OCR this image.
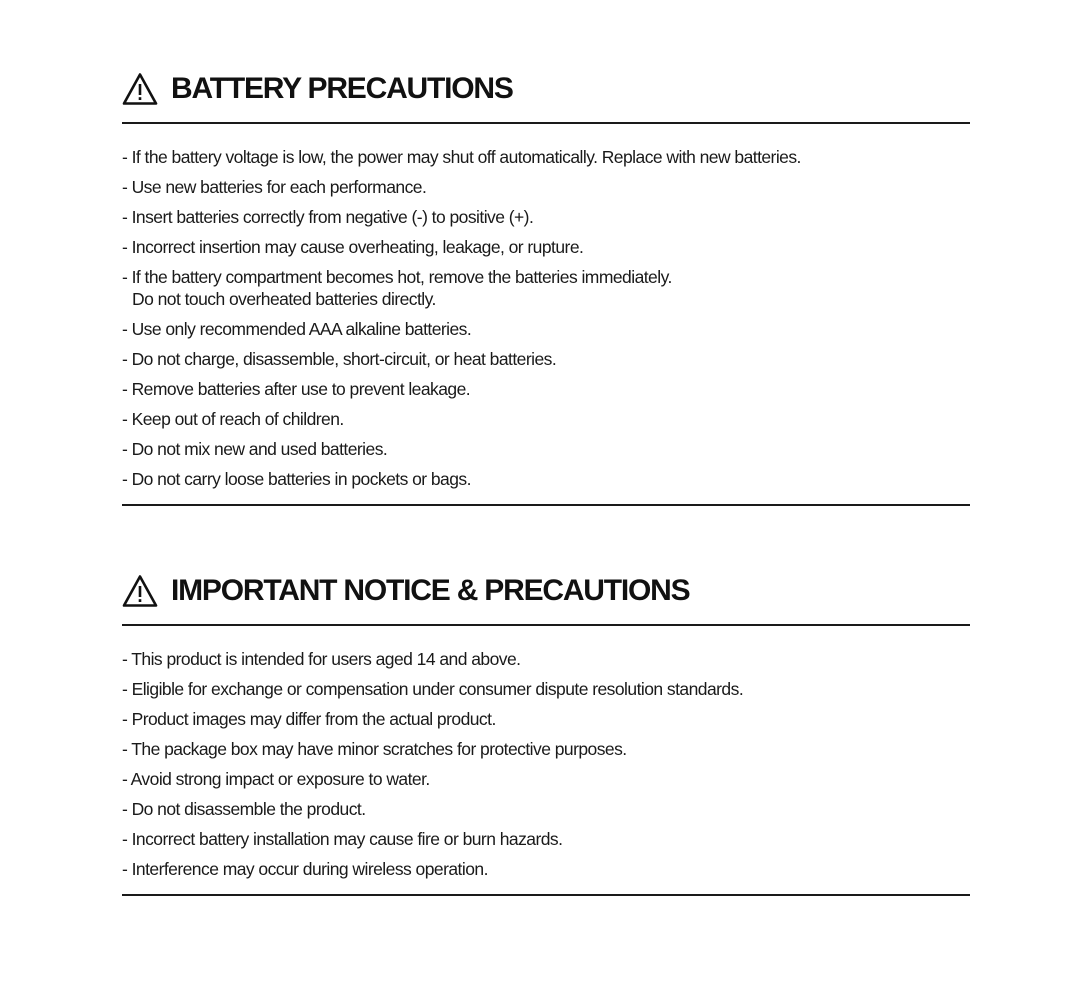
BATTERY PRECAUTIONS
- If the battery voltage is low, the power may shut off automatically. Replace with new batteries.
- Use new batteries for each performance.
- Insert batteries correctly from negative (-) to positive (+).
- Incorrect insertion may cause overheating, leakage, or rupture.
- If the battery compartment becomes hot, remove the batteries immediately.
Do not touch overheated batteries directly.
- Use only recommended AAA alkaline batteries.
- Do not charge, disassemble, short-circuit, or heat batteries.
- Remove batteries after use to prevent leakage.
- Keep out of reach of children.
- Do not mix new and used batteries.
- Do not carry loose batteries in pockets or bags.
IMPORTANT NOTICE & PRECAUTIONS
- This product is intended for users aged 14 and above.
- Eligible for exchange or compensation under consumer dispute resolution standards.
- Product images may differ from the actual product.
- The package box may have minor scratches for protective purposes.
- Avoid strong impact or exposure to water.
- Do not disassemble the product.
- Incorrect battery installation may cause fire or burn hazards.
- Interference may occur during wireless operation.
